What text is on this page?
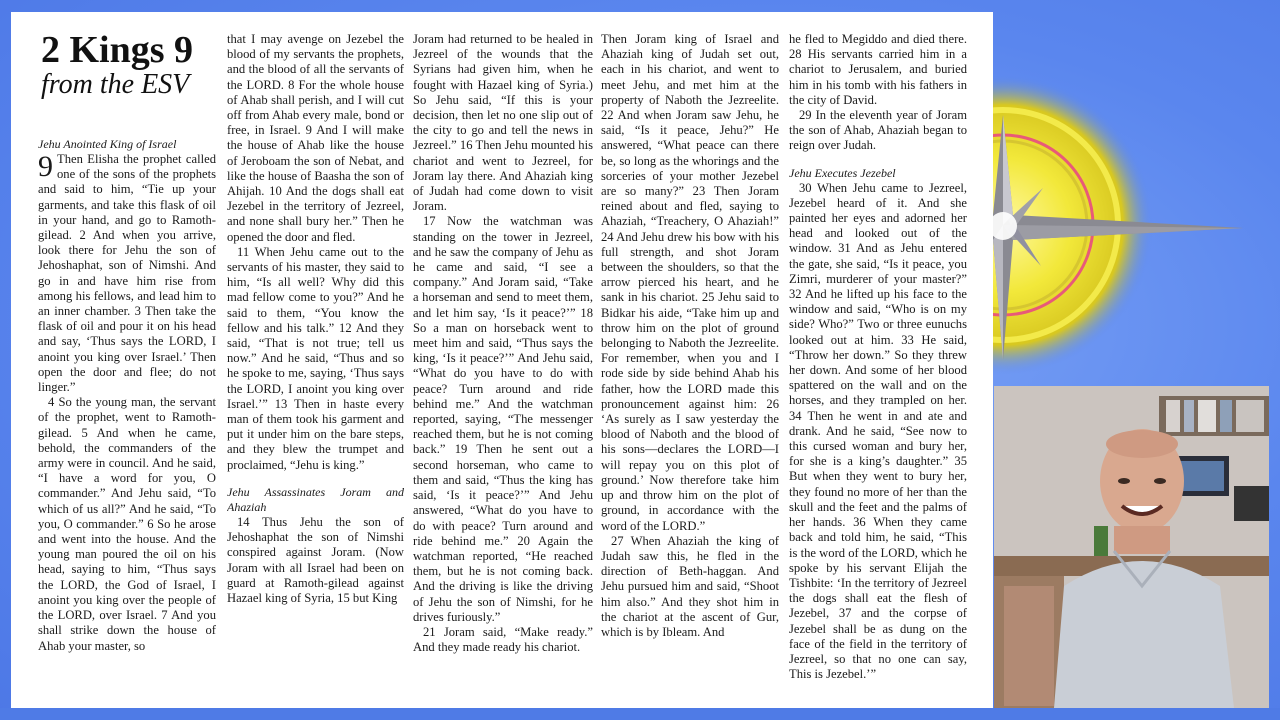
2 Kings 9
from the ESV

Jehu Anointed King of Israel

9 Then Elisha the prophet called one of the sons of the prophets and said to him, “Tie up your garments, and take this flask of oil in your hand, and go to Ramoth-gilead. 2 And when you arrive, look there for Jehu the son of Jehoshaphat, son of Nimshi. And go in and have him rise from among his fellows, and lead him to an inner chamber. 3 Then take the flask of oil and pour it on his head and say, ‘Thus says the LORD, I anoint you king over Israel.’ Then open the door and flee; do not linger.”

4 So the young man, the servant of the prophet, went to Ramoth-gilead. 5 And when he came, behold, the commanders of the army were in council. And he said, “I have a word for you, O commander.” And Jehu said, “To which of us all?” And he said, “To you, O commander.” 6 So he arose and went into the house. And the young man poured the oil on his head, saying to him, “Thus says the LORD, the God of Israel, I anoint you king over the people of the LORD, over Israel. 7 And you shall strike down the house of Ahab your master, so

that I may avenge on Jezebel the blood of my servants the prophets, and the blood of all the servants of the LORD. 8 For the whole house of Ahab shall perish, and I will cut off from Ahab every male, bond or free, in Israel. 9 And I will make the house of Ahab like the house of Jeroboam the son of Nebat, and like the house of Baasha the son of Ahijah. 10 And the dogs shall eat Jezebel in the territory of Jezreel, and none shall bury her.” Then he opened the door and fled.

11 When Jehu came out to the servants of his master, they said to him, “Is all well? Why did this mad fellow come to you?” And he said to them, “You know the fellow and his talk.” 12 And they said, “That is not true; tell us now.” And he said, “Thus and so he spoke to me, saying, ‘Thus says the LORD, I anoint you king over Israel.’” 13 Then in haste every man of them took his garment and put it under him on the bare steps, and they blew the trumpet and proclaimed, “Jehu is king.”

Jehu Assassinates Joram and Ahaziah

14 Thus Jehu the son of Jehoshaphat the son of Nimshi conspired against Joram. (Now Joram with all Israel had been on guard at Ramoth-gilead against Hazael king of Syria, 15 but King

Joram had returned to be healed in Jezreel of the wounds that the Syrians had given him, when he fought with Hazael king of Syria.) So Jehu said, “If this is your decision, then let no one slip out of the city to go and tell the news in Jezreel.” 16 Then Jehu mounted his chariot and went to Jezreel, for Joram lay there. And Ahaziah king of Judah had come down to visit Joram.

17 Now the watchman was standing on the tower in Jezreel, and he saw the company of Jehu as he came and said, “I see a company.” And Joram said, “Take a horseman and send to meet them, and let him say, ‘Is it peace?’” 18 So a man on horseback went to meet him and said, “Thus says the king, ‘Is it peace?’” And Jehu said, “What do you have to do with peace? Turn around and ride behind me.” And the watchman reported, saying, “The messenger reached them, but he is not coming back.” 19 Then he sent out a second horseman, who came to them and said, “Thus the king has said, ‘Is it peace?’” And Jehu answered, “What do you have to do with peace? Turn around and ride behind me.” 20 Again the watchman reported, “He reached them, but he is not coming back. And the driving is like the driving of Jehu the son of Nimshi, for he drives furiously.”

21 Joram said, “Make ready.” And they made ready his chariot.

Then Joram king of Israel and Ahaziah king of Judah set out, each in his chariot, and went to meet Jehu, and met him at the property of Naboth the Jezreelite. 22 And when Joram saw Jehu, he said, “Is it peace, Jehu?” He answered, “What peace can there be, so long as the whorings and the sorceries of your mother Jezebel are so many?” 23 Then Joram reined about and fled, saying to Ahaziah, “Treachery, O Ahaziah!” 24 And Jehu drew his bow with his full strength, and shot Joram between the shoulders, so that the arrow pierced his heart, and he sank in his chariot. 25 Jehu said to Bidkar his aide, “Take him up and throw him on the plot of ground belonging to Naboth the Jezreelite. For remember, when you and I rode side by side behind Ahab his father, how the LORD made this pronouncement against him: 26 ‘As surely as I saw yesterday the blood of Naboth and the blood of his sons—declares the LORD—I will repay you on this plot of ground.’ Now therefore take him up and throw him on the plot of ground, in accordance with the word of the LORD.”

27 When Ahaziah the king of Judah saw this, he fled in the direction of Beth-haggan. And Jehu pursued him and said, “Shoot him also.” And they shot him in the chariot at the ascent of Gur, which is by Ibleam. And

he fled to Megiddo and died there. 28 His servants carried him in a chariot to Jerusalem, and buried him in his tomb with his fathers in the city of David.

29 In the eleventh year of Joram the son of Ahab, Ahaziah began to reign over Judah.

Jehu Executes Jezebel

30 When Jehu came to Jezreel, Jezebel heard of it. And she painted her eyes and adorned her head and looked out of the window. 31 And as Jehu entered the gate, she said, “Is it peace, you Zimri, murderer of your master?” 32 And he lifted up his face to the window and said, “Who is on my side? Who?” Two or three eunuchs looked out at him. 33 He said, “Throw her down.” So they threw her down. And some of her blood spattered on the wall and on the horses, and they trampled on her. 34 Then he went in and ate and drank. And he said, “See now to this cursed woman and bury her, for she is a king’s daughter.” 35 But when they went to bury her, they found no more of her than the skull and the feet and the palms of her hands. 36 When they came back and told him, he said, “This is the word of the LORD, which he spoke by his servant Elijah the Tishbite: ‘In the territory of Jezreel the dogs shall eat the flesh of Jezebel, 37 and the corpse of Jezebel shall be as dung on the face of the field in the territory of Jezreel, so that no one can say, This is Jezebel.’”
